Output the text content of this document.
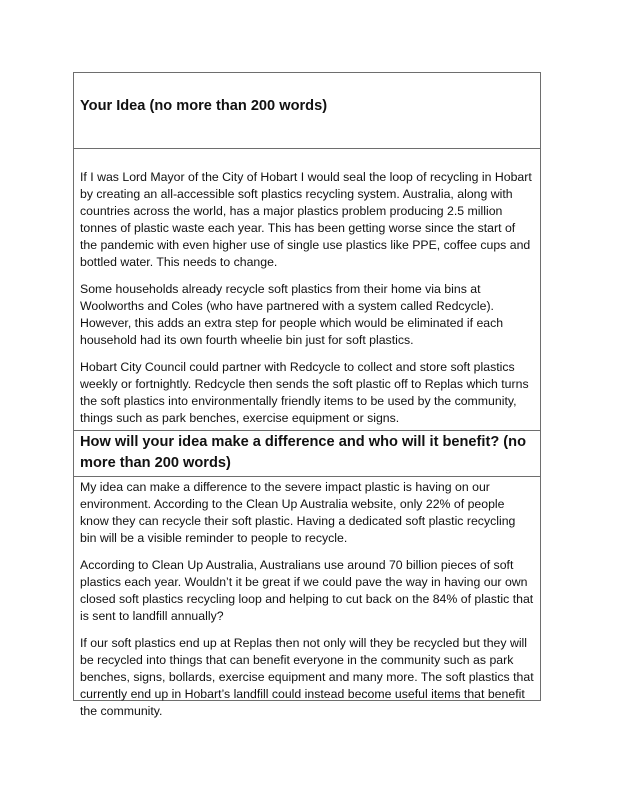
Your Idea (no more than 200 words)

If I was Lord Mayor of the City of Hobart I would seal the loop of recycling in Hobart by creating an all-accessible soft plastics recycling system. Australia, along with countries across the world, has a major plastics problem producing 2.5 million tonnes of plastic waste each year. This has been getting worse since the start of the pandemic with even higher use of single use plastics like PPE, coffee cups and bottled water. This needs to change.

Some households already recycle soft plastics from their home via bins at Woolworths and Coles (who have partnered with a system called Redcycle). However, this adds an extra step for people which would be eliminated if each household had its own fourth wheelie bin just for soft plastics.

Hobart City Council could partner with Redcycle to collect and store soft plastics weekly or fortnightly. Redcycle then sends the soft plastic off to Replas which turns the soft plastics into environmentally friendly items to be used by the community, things such as park benches, exercise equipment or signs.

How will your idea make a difference and who will it benefit? (no more than 200 words)

My idea can make a difference to the severe impact plastic is having on our environment. According to the Clean Up Australia website, only 22% of people know they can recycle their soft plastic. Having a dedicated soft plastic recycling bin will be a visible reminder to people to recycle.

According to Clean Up Australia, Australians use around 70 billion pieces of soft plastics each year. Wouldn’t it be great if we could pave the way in having our own closed soft plastics recycling loop and helping to cut back on the 84% of plastic that is sent to landfill annually?

If our soft plastics end up at Replas then not only will they be recycled but they will be recycled into things that can benefit everyone in the community such as park benches, signs, bollards, exercise equipment and many more. The soft plastics that currently end up in Hobart’s landfill could instead become useful items that benefit the community.
